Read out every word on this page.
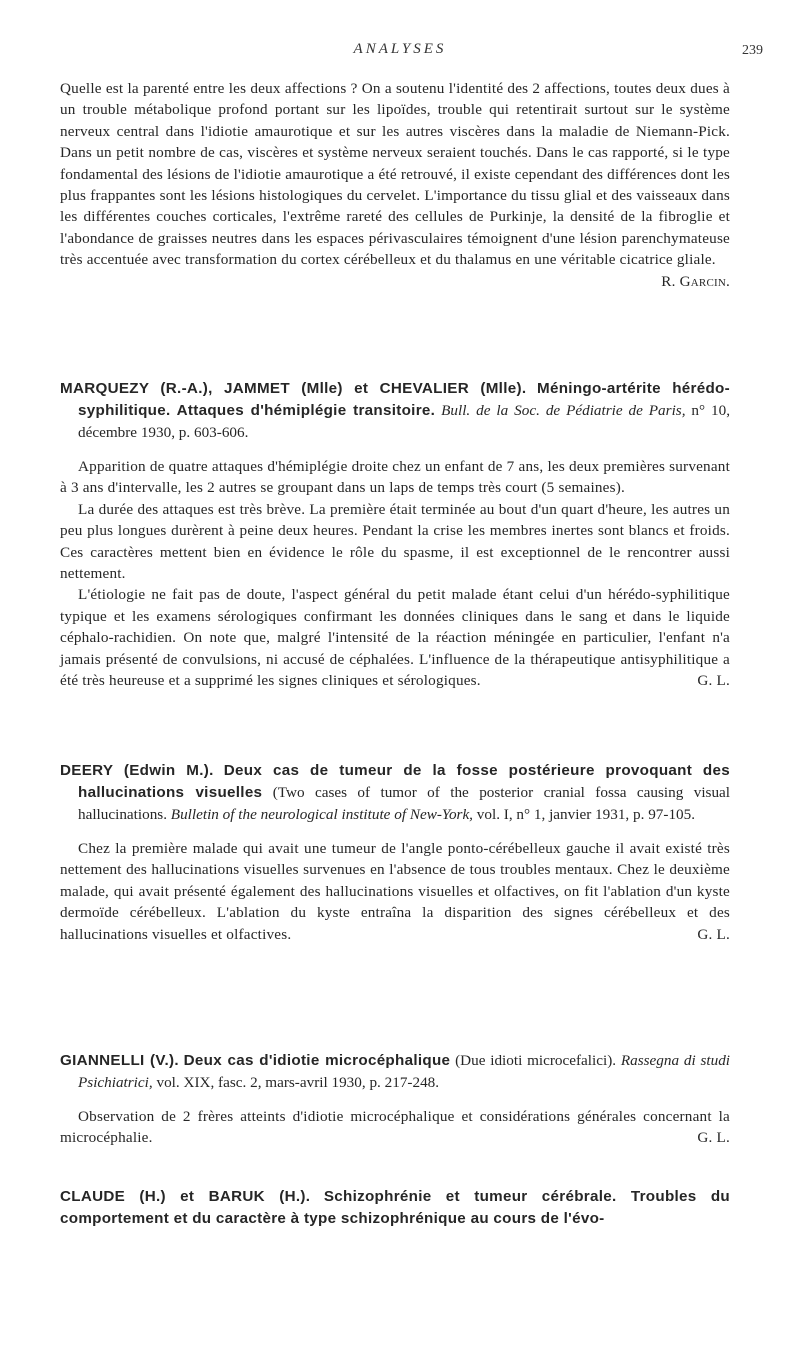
ANALYSES	239

Quelle est la parenté entre les deux affections ? On a soutenu l'identité des 2 affections, toutes deux dues à un trouble métabolique profond portant sur les lipoïdes, trouble qui retentirait surtout sur le système nerveux central dans l'idiotie amaurotique et sur les autres viscères dans la maladie de Niemann-Pick. Dans un petit nombre de cas, viscères et système nerveux seraient touchés. Dans le cas rapporté, si le type fondamental des lésions de l'idiotie amaurotique a été retrouvé, il existe cependant des différences dont les plus frappantes sont les lésions histologiques du cervelet. L'importance du tissu glial et des vaisseaux dans les différentes couches corticales, l'extrême rareté des cellules de Purkinje, la densité de la fibroglie et l'abondance de graisses neutres dans les espaces périvasculaires témoignent d'une lésion parenchymateuse très accentuée avec transformation du cortex cérébelleux et du thalamus en une véritable cicatrice gliale.
R. Garcin.

MARQUEZY (R.-A.), JAMMET (Mlle) et CHEVALIER (Mlle). Méningo-artérite hérédo-syphilitique. Attaques d'hémiplégie transitoire. Bull. de la Soc. de Pédiatrie de Paris, n° 10, décembre 1930, p. 603-606.

Apparition de quatre attaques d'hémiplégie droite chez un enfant de 7 ans, les deux premières survenant à 3 ans d'intervalle, les 2 autres se groupant dans un laps de temps très court (5 semaines).

La durée des attaques est très brève. La première était terminée au bout d'un quart d'heure, les autres un peu plus longues durèrent à peine deux heures. Pendant la crise les membres inertes sont blancs et froids. Ces caractères mettent bien en évidence le rôle du spasme, il est exceptionnel de le rencontrer aussi nettement.

L'étiologie ne fait pas de doute, l'aspect général du petit malade étant celui d'un hérédo-syphilitique typique et les examens sérologiques confirmant les données cliniques dans le sang et dans le liquide céphalo-rachidien. On note que, malgré l'intensité de la réaction méningée en particulier, l'enfant n'a jamais présenté de convulsions, ni accusé de céphalées. L'influence de la thérapeutique antisyphilitique a été très heureuse et a supprimé les signes cliniques et sérologiques.	G. L.

DEERY (Edwin M.). Deux cas de tumeur de la fosse postérieure provoquant des hallucinations visuelles (Two cases of tumor of the posterior cranial fossa causing visual hallucinations. Bulletin of the neurological institute of New-York, vol. I, n° 1, janvier 1931, p. 97-105.

Chez la première malade qui avait une tumeur de l'angle ponto-cérébelleux gauche il avait existé très nettement des hallucinations visuelles survenues en l'absence de tous troubles mentaux. Chez le deuxième malade, qui avait présenté également des hallucinations visuelles et olfactives, on fit l'ablation d'un kyste dermoïde cérébelleux. L'ablation du kyste entraîna la disparition des signes cérébelleux et des hallucinations visuelles et olfactives.	G. L.

GIANNELLI (V.). Deux cas d'idiotie microcéphalique (Due idioti microcefalici). Rassegna di studi Psichiatrici, vol. XIX, fasc. 2, mars-avril 1930, p. 217-248.

Observation de 2 frères atteints d'idiotie microcéphalique et considérations générales concernant la microcéphalie.	G. L.

CLAUDE (H.) et BARUK (H.). Schizophrénie et tumeur cérébrale. Troubles du comportement et du caractère à type schizophrénique au cours de l'évo-
